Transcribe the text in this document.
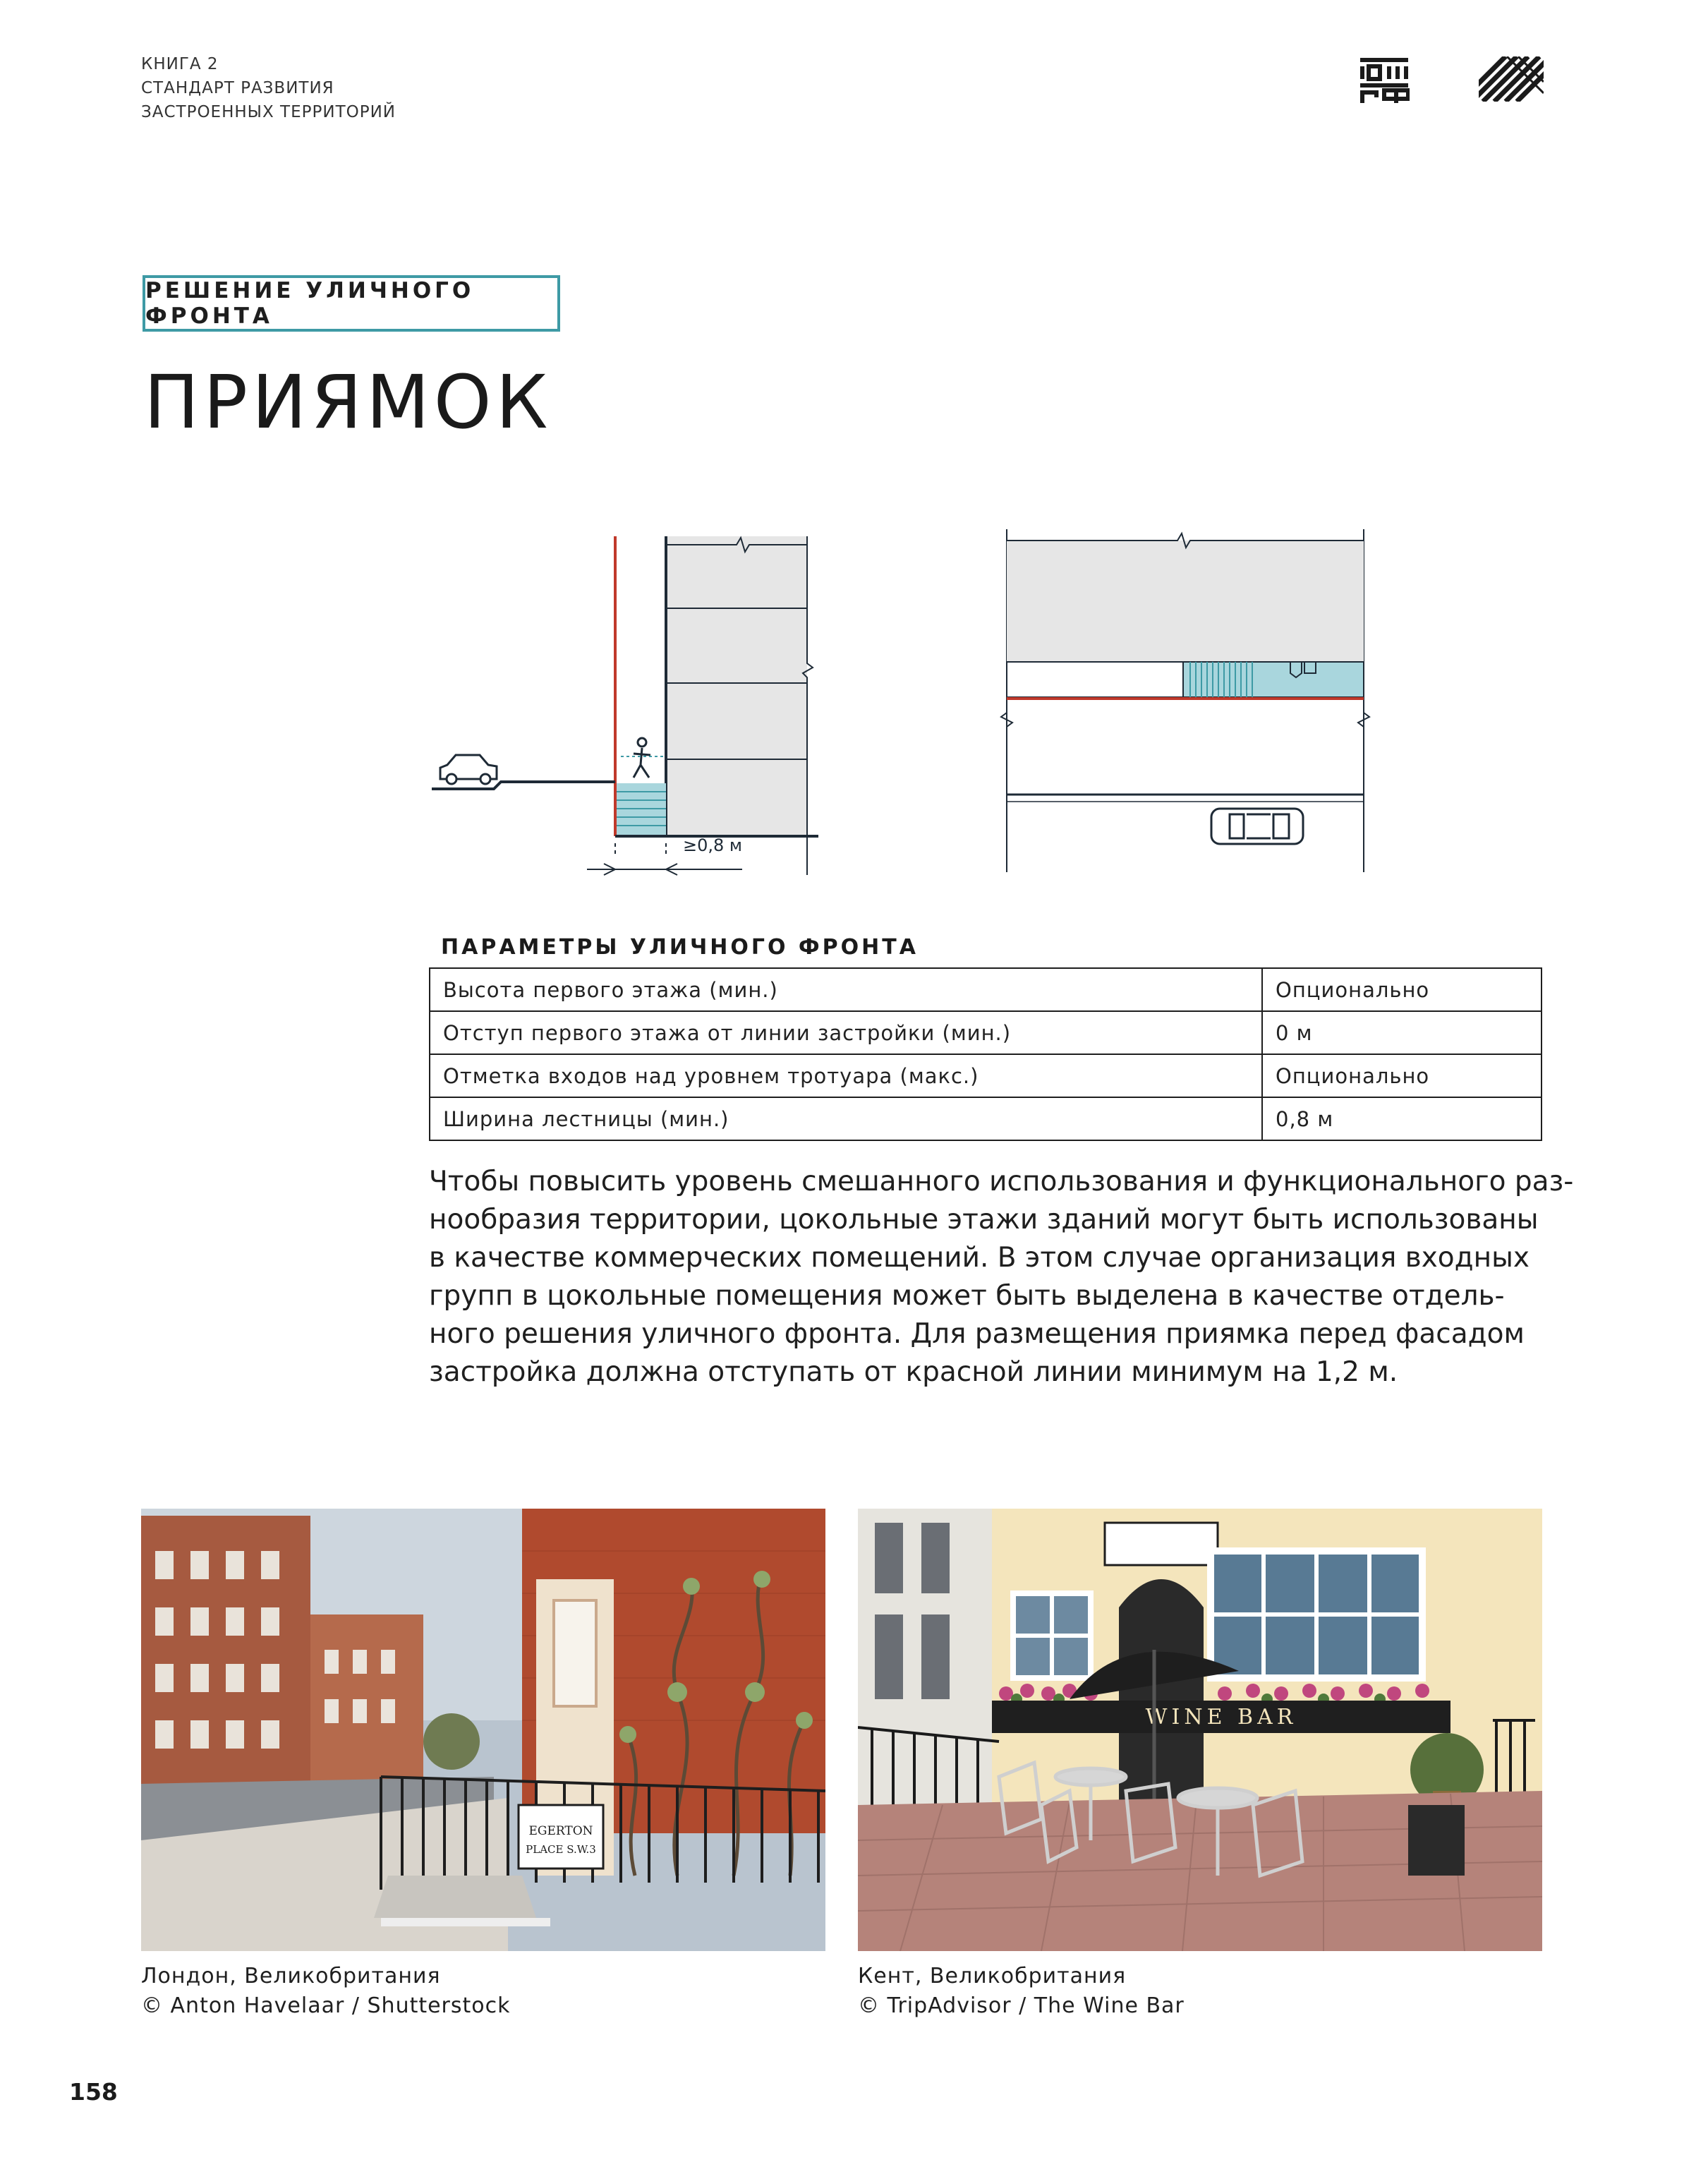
КНИГА 2
СТАНДАРТ РАЗВИТИЯ
ЗАСТРОЕННЫХ ТЕРРИТОРИЙ
РЕШЕНИЕ УЛИЧНОГО ФРОНТА
ПРИЯМОК
≥0,8 м
ПАРАМЕТРЫ УЛИЧНОГО ФРОНТА
Высота первого этажа (мин.)	Опционально
Отступ первого этажа от линии застройки (мин.)	0 м
Отметка входов над уровнем тротуара (макс.)	Опционально
Ширина лестницы (мин.)	0,8 м
Чтобы повысить уровень смешанного использования и функционального раз-
нообразия территории, цокольные этажи зданий могут быть использованы
в качестве коммерческих помещений. В этом случае организация входных
групп в цокольные помещения может быть выделена в качестве отдель-
ного решения уличного фронта. Для размещения приямка перед фасадом
застройка должна отступать от красной линии минимум на 1,2 м.
EGERTON
PLACE S.W.3
WINE BAR
Лондон, Великобритания
© Anton Havelaar / Shutterstock
Кент, Великобритания
© TripAdvisor / The Wine Bar
158
